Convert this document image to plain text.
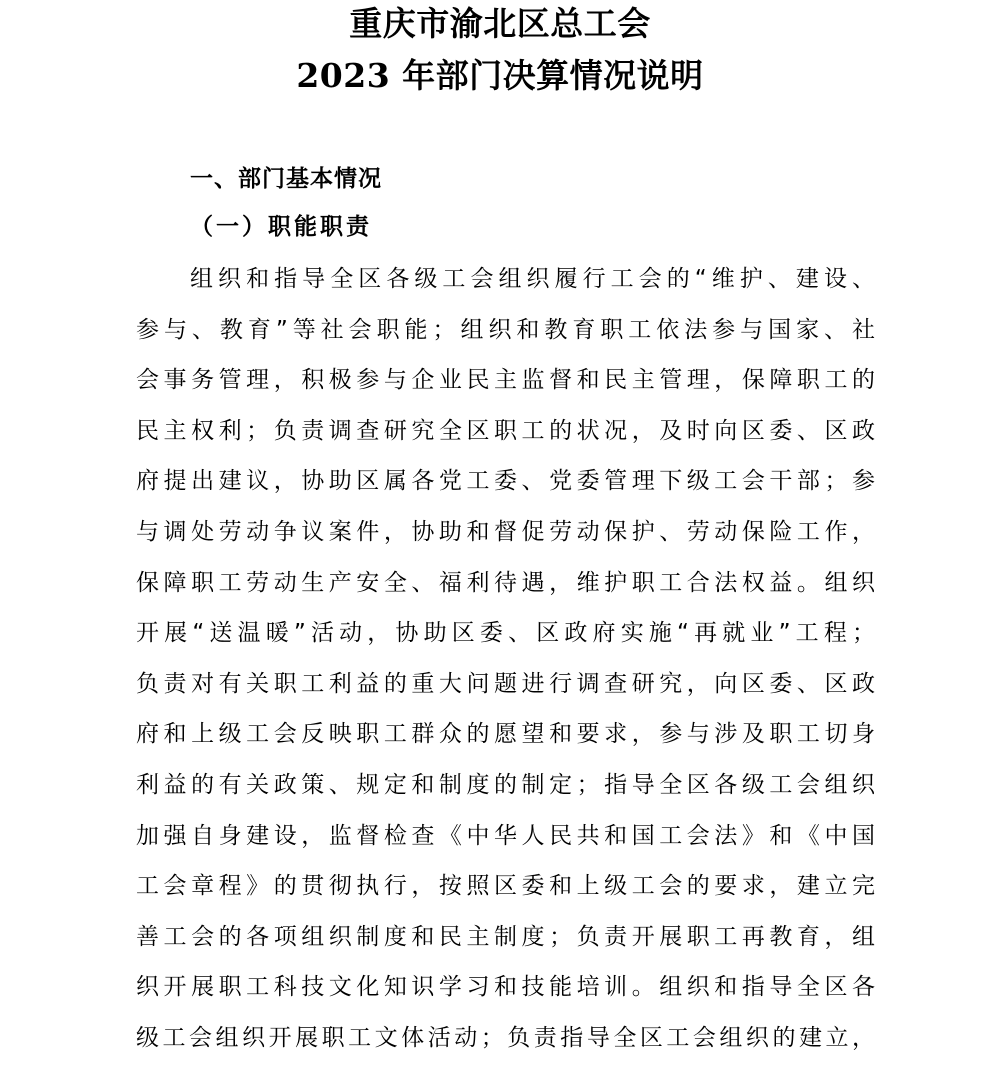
重庆市渝北区总工会
2023 年部门决算情况说明
一、部门基本情况
（一）职能职责
组织和指导全区各级工会组织履行工会的“维护、建设、
参与、教育”等社会职能；组织和教育职工依法参与国家、社
会事务管理，积极参与企业民主监督和民主管理，保障职工的
民主权利；负责调查研究全区职工的状况，及时向区委、区政
府提出建议，协助区属各党工委、党委管理下级工会干部；参
与调处劳动争议案件，协助和督促劳动保护、劳动保险工作，
保障职工劳动生产安全、福利待遇，维护职工合法权益。组织
开展“送温暖”活动，协助区委、区政府实施“再就业”工程；
负责对有关职工利益的重大问题进行调查研究，向区委、区政
府和上级工会反映职工群众的愿望和要求，参与涉及职工切身
利益的有关政策、规定和制度的制定；指导全区各级工会组织
加强自身建设，监督检查《中华人民共和国工会法》和《中国
工会章程》的贯彻执行，按照区委和上级工会的要求，建立完
善工会的各项组织制度和民主制度；负责开展职工再教育，组
织开展职工科技文化知识学习和技能培训。组织和指导全区各
级工会组织开展职工文体活动；负责指导全区工会组织的建立，
